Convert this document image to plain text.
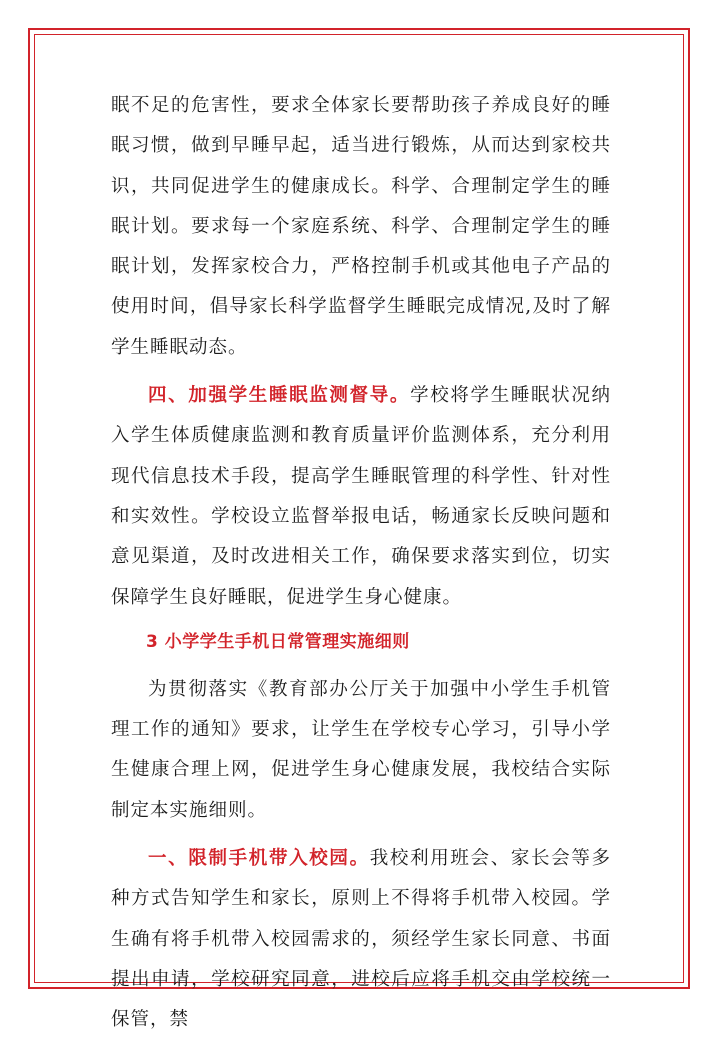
眠不足的危害性，要求全体家长要帮助孩子养成良好的睡眠习惯，做到早睡早起，适当进行锻炼，从而达到家校共识，共同促进学生的健康成长。科学、合理制定学生的睡眠计划。要求每一个家庭系统、科学、合理制定学生的睡眠计划，发挥家校合力，严格控制手机或其他电子产品的使用时间，倡导家长科学监督学生睡眠完成情况,及时了解学生睡眠动态。

四、加强学生睡眠监测督导。学校将学生睡眠状况纳入学生体质健康监测和教育质量评价监测体系，充分利用现代信息技术手段，提高学生睡眠管理的科学性、针对性和实效性。学校设立监督举报电话，畅通家长反映问题和意见渠道，及时改进相关工作，确保要求落实到位，切实保障学生良好睡眠，促进学生身心健康。

3 小学学生手机日常管理实施细则

为贯彻落实《教育部办公厅关于加强中小学生手机管理工作的通知》要求，让学生在学校专心学习，引导小学生健康合理上网，促进学生身心健康发展，我校结合实际制定本实施细则。

一、限制手机带入校园。我校利用班会、家长会等多种方式告知学生和家长，原则上不得将手机带入校园。学生确有将手机带入校园需求的，须经学生家长同意、书面提出申请，学校研究同意，进校后应将手机交由学校统一保管，禁
